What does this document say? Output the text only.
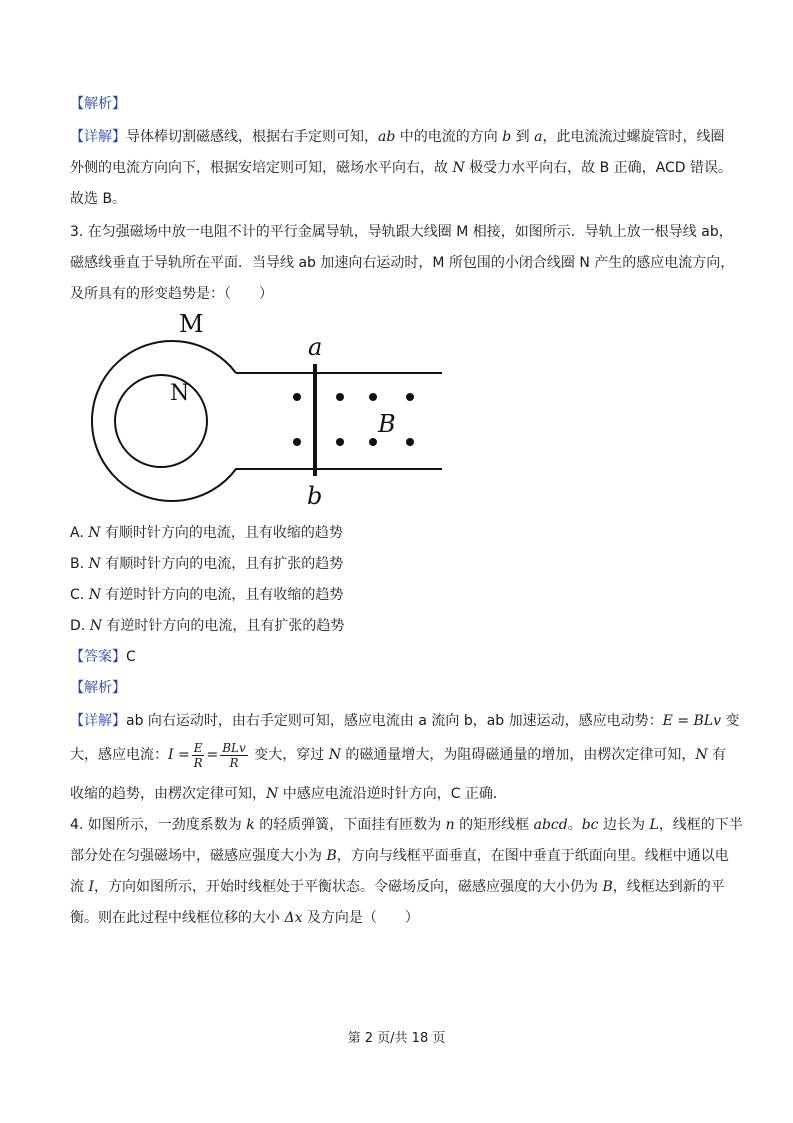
【解析】
【详解】导体棒切割磁感线，根据右手定则可知，ab 中的电流的方向 b 到 a，此电流流过螺旋管时，线圈
外侧的电流方向向下，根据安培定则可知，磁场水平向右，故 N 极受力水平向右，故 B 正确，ACD 错误。
故选 B。
3. 在匀强磁场中放一电阻不计的平行金属导轨，导轨跟大线圈 M 相接，如图所示．导轨上放一根导线 ab，
磁感线垂直于导轨所在平面．当导线 ab 加速向右运动时，M 所包围的小闭合线圈 N 产生的感应电流方向，
及所具有的形变趋势是：（　　）
M
N
a
b
B
A. N 有顺时针方向的电流，且有收缩的趋势
B. N 有顺时针方向的电流，且有扩张的趋势
C. N 有逆时针方向的电流，且有收缩的趋势
D. N 有逆时针方向的电流，且有扩张的趋势
【答案】C
【解析】
【详解】ab 向右运动时，由右手定则可知，感应电流由 a 流向 b，ab 加速运动，感应电动势：E = BLv 变
大，感应电流：$I = \frac{E}{R} = \frac{\text{BLv}}{R}$ 变大，穿过 N 的磁通量增大，为阻碍磁通量的增加，由楞次定律可知，N 有
收缩的趋势，由楞次定律可知，N 中感应电流沿逆时针方向，C 正确．
4. 如图所示，一劲度系数为 k 的轻质弹簧，下面挂有匝数为 n 的矩形线框 abcd。bc 边长为 L，线框的下半
部分处在匀强磁场中，磁感应强度大小为 B，方向与线框平面垂直，在图中垂直于纸面向里。线框中通以电
流 I，方向如图所示，开始时线框处于平衡状态。令磁场反向，磁感应强度的大小仍为 B，线框达到新的平
衡。则在此过程中线框位移的大小 Δx 及方向是（　　）
第 2 页/共 18 页
